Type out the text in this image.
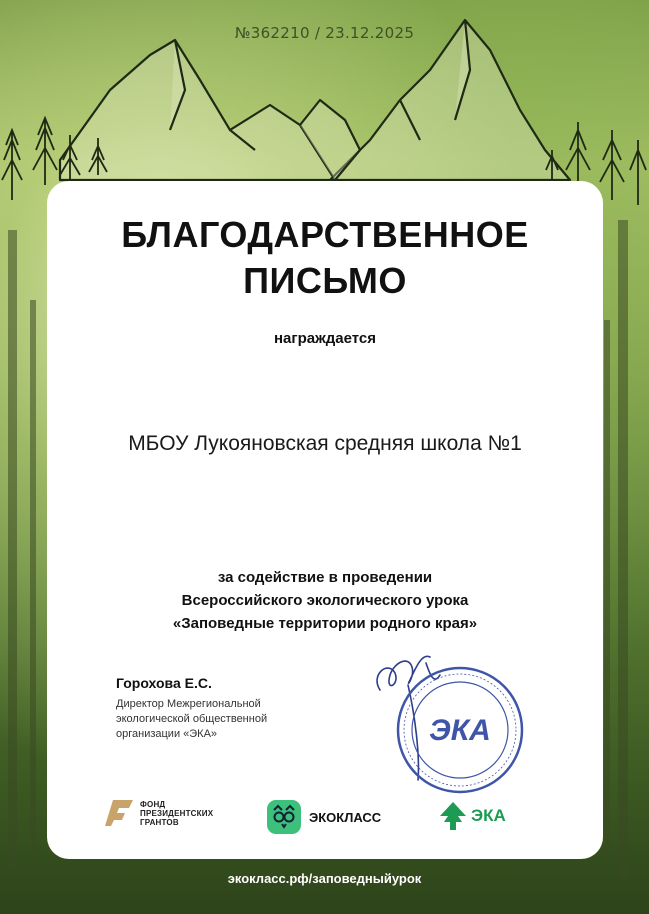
№362210 / 23.12.2025
БЛАГОДАРСТВЕННОЕ
ПИСЬМО
награждается
МБОУ Лукояновская средняя школа №1
за содействие в проведении
Всероссийского экологического урока
«Заповедные территории родного края»
Горохова Е.С.
Директор Межрегиональной
экологической общественной
организации «ЭКА»	ЭКА
ФОНД
ПРЕЗИДЕНТСКИХ
ГРАНТОВ	ЭКОКЛАСС	ЭКА
экокласс.рф/заповедныйурок
